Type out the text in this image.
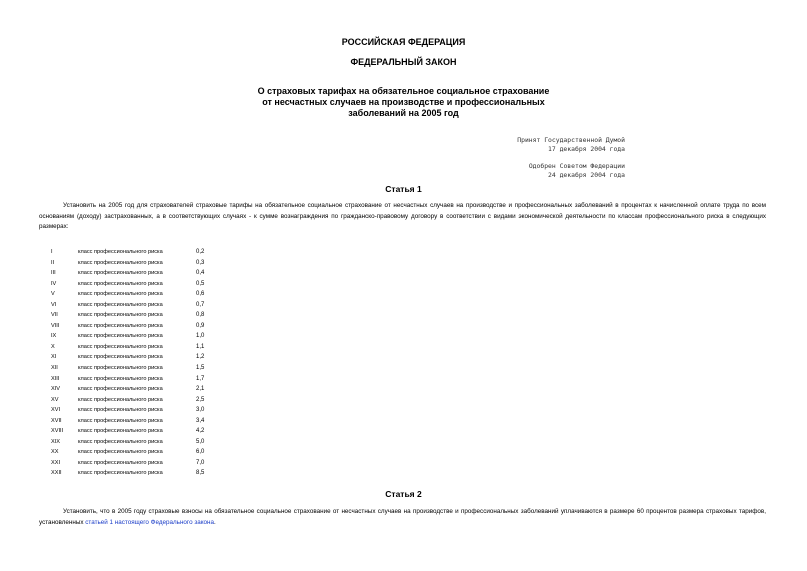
РОССИЙСКАЯ ФЕДЕРАЦИЯ
ФЕДЕРАЛЬНЫЙ ЗАКОН
О страховых тарифах на обязательное социальное страхование
от несчастных случаев на производстве и профессиональных
заболеваний на 2005 год
Принят Государственной Думой
17 декабря 2004 года
Одобрен Советом Федерации
24 декабря 2004 года
Статья 1
Установить на 2005 год для страхователей страховые тарифы на обязательное социальное страхование от несчастных случаев на производстве и профессиональных заболеваний в процентах к начисленной оплате труда по всем основаниям (доходу) застрахованных, а в соответствующих случаях - к сумме вознаграждения по гражданско-правовому договору в соответствии с видами экономической деятельности по классам профессионального риска в следующих размерах:
I	класс профессионального риска	0,2
II	класс профессионального риска	0,3
III	класс профессионального риска	0,4
IV	класс профессионального риска	0,5
V	класс профессионального риска	0,6
VI	класс профессионального риска	0,7
VII	класс профессионального риска	0,8
VIII	класс профессионального риска	0,9
IX	класс профессионального риска	1,0
X	класс профессионального риска	1,1
XI	класс профессионального риска	1,2
XII	класс профессионального риска	1,5
XIII	класс профессионального риска	1,7
XIV	класс профессионального риска	2,1
XV	класс профессионального риска	2,5
XVI	класс профессионального риска	3,0
XVII	класс профессионального риска	3,4
XVIII	класс профессионального риска	4,2
XIX	класс профессионального риска	5,0
XX	класс профессионального риска	6,0
XXI	класс профессионального риска	7,0
XXII	класс профессионального риска	8,5
Статья 2
Установить, что в 2005 году страховые взносы на обязательное социальное страхование от несчастных случаев на производстве и профессиональных заболеваний уплачиваются в размере 60 процентов размера страховых тарифов, установленных статьей 1 настоящего Федерального закона.
